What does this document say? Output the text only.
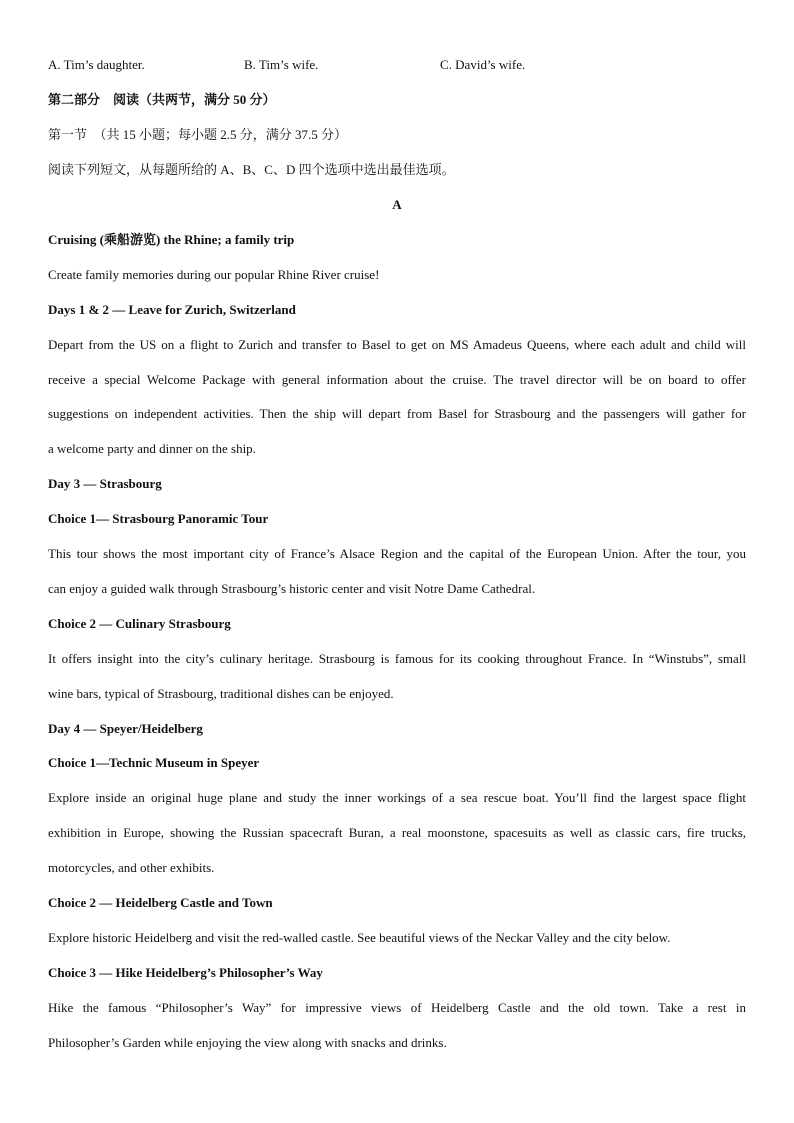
A. Tim’s daughter.	B. Tim’s wife.	C. David’s wife.
第二部分　阅读（共两节，满分 50 分）
第一节　（共 15 小题；每小题 2.5 分，满分 37.5 分）
阅读下列短文，从每题所给的 A、B、C、D 四个选项中选出最佳选项。
A
Cruising (乘船游览) the Rhine; a family trip
Create family memories during our popular Rhine River cruise!
Days 1 & 2 — Leave for Zurich, Switzerland
Depart from the US on a flight to Zurich and transfer to Basel to get on MS Amadeus Queens, where each adult and child will
receive a special Welcome Package with general information about the cruise. The travel director will be on board to offer
suggestions on independent activities. Then the ship will depart from Basel for Strasbourg and the passengers will gather for
a welcome party and dinner on the ship.
Day 3 — Strasbourg
Choice 1— Strasbourg Panoramic Tour
This tour shows the most important city of France’s Alsace Region and the capital of the European Union. After the tour, you
can enjoy a guided walk through Strasbourg’s historic center and visit Notre Dame Cathedral.
Choice 2 — Culinary Strasbourg
It offers insight into the city’s culinary heritage. Strasbourg is famous for its cooking throughout France. In “Winstubs”, small
wine bars, typical of Strasbourg, traditional dishes can be enjoyed.
Day 4 — Speyer/Heidelberg
Choice 1—Technic Museum in Speyer
Explore inside an original huge plane and study the inner workings of a sea rescue boat. You’ll find the largest space flight
exhibition in Europe, showing the Russian spacecraft Buran, a real moonstone, spacesuits as well as classic cars, fire trucks,
motorcycles, and other exhibits.
Choice 2 — Heidelberg Castle and Town
Explore historic Heidelberg and visit the red-walled castle. See beautiful views of the Neckar Valley and the city below.
Choice 3 — Hike Heidelberg’s Philosopher’s Way
Hike the famous “Philosopher’s Way” for impressive views of Heidelberg Castle and the old town. Take a rest in
Philosopher’s Garden while enjoying the view along with snacks and drinks.
